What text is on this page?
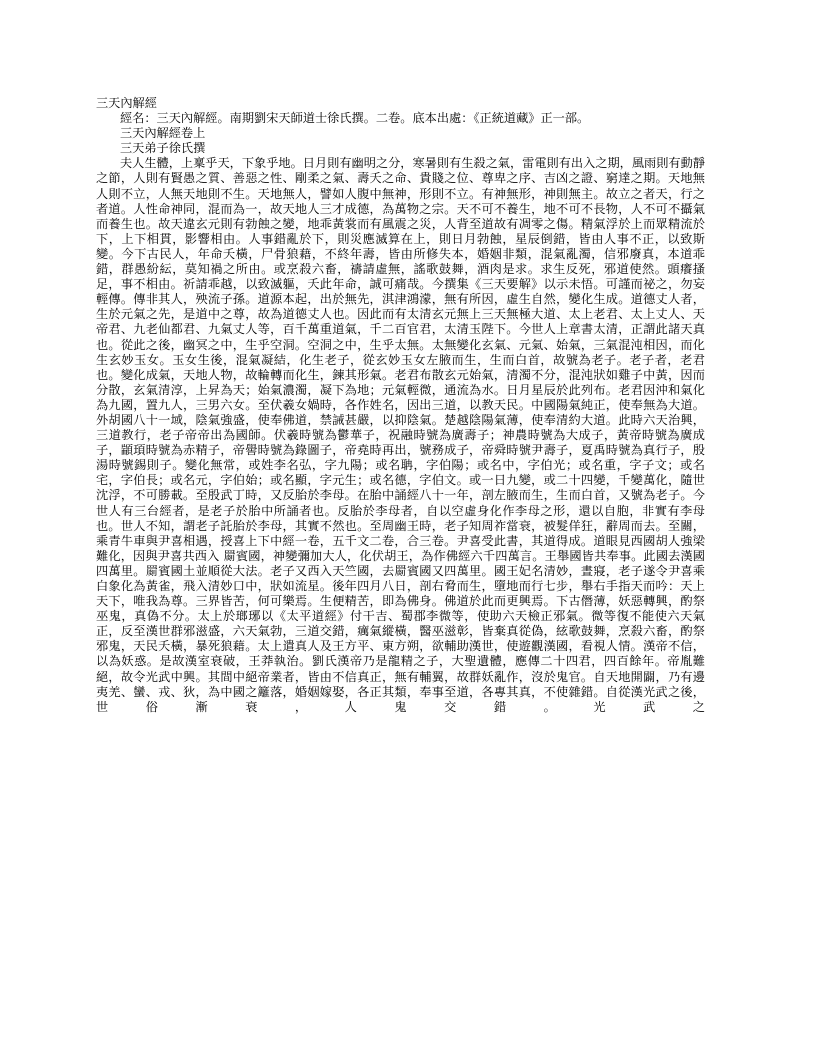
三天內解經

經名：三天內解經。南期劉宋天師道士徐氏撰。二卷。底本出處：《正統道藏》正一部。

三天內解經卷上

三天弟子徐氏撰

夫人生體，上稟乎天，下象乎地。日月則有幽明之分，寒暑則有生殺之氣，雷電則有出入之期，風雨則有動靜之節，人則有賢愚之質、善惡之性、剛柔之氣、壽夭之命、貴賤之位、尊卑之序、吉凶之證、窮達之期。天地無人則不立，人無天地則不生。天地無人，譬如人腹中無神，形則不立。有神無形，神則無主。故立之者天，行之者道。人性命神同，混而為一，故天地人三才成德，為萬物之宗。天不可不養生，地不可不長物，人不可不攝氣而養生也。故天違玄元則有勃蝕之變，地乖黃裳而有風震之災，人背至道故有凋零之傷。精氣浮於上而眾精流於下，上下相貫，影響相由。人事錯亂於下，則災應滅算在上，則日月勃蝕，星辰倒錯，皆由人事不正，以致斯變。今下古民人，年命夭橫，尸骨狼藉，不終年壽，皆由所修失本，婚姻非類，混氣亂濁，信邪廢真，本道乖錯，群愚紛紜，莫知禍之所由。或烹殺六畜，禱請虛無，謠歌鼓舞，酒肉是求。求生反死，邪道使然。頭癢搔足，事不相由。祈請乖越，以致滅軀，夭此年命，誠可痛哉。今撰集《三天要解》以示未悟。可謹而祕之，勿妄輕傳。傳非其人，殃流子孫。道源本起，出於無先，淇津鴻濛，無有所因，虛生自然，變化生成。道德丈人者，生於元氣之先，是道中之尊，故為道德丈人也。因此而有太清玄元無上三天無極大道、太上老君、太上丈人、天帝君、九老仙都君、九氣丈人等，百千萬重道氣，千二百官君，太清玉陛下。今世人上章書太清，正謂此諸天真也。從此之後，幽冥之中，生乎空洞。空洞之中，生乎太無。太無變化玄氣、元氣、始氣，三氣混沌相因，而化生玄妙玉女。玉女生後，混氣凝結，化生老子，從玄妙玉女左腋而生，生而白首，故號為老子。老子者，老君也。變化成氣，天地人物，故輪轉而化生，鍊其形氣。老君布散玄元始氣，清濁不分，混沌狀如雞子中黃，因而分散，玄氣清淳，上昇為天；始氣濃濁，凝下為地；元氣輕微，通流為水。日月星辰於此列布。老君因沖和氣化為九國，置九人，三男六女。至伏羲女媧時，各作姓名，因出三道，以教天民。中國陽氣純正，使奉無為大道。外胡國八十一域，陰氣強盛，使奉佛道，禁誡甚嚴，以抑陰氣。楚越陰陽氣薄，使奉清約大道。此時六天治興，三道教行，老子帝帝出為國師。伏羲時號為鬱華子，祝融時號為廣壽子；神農時號為大成子，黃帝時號為廣成子，顓頊時號為赤精子，帝嚳時號為錄圖子，帝堯時再出，號務成子，帝舜時號尹壽子，夏禹時號為真行子，殷湯時號錫則子。變化無常，或姓李名弘，字九陽；或名聃，字伯陽；或名中，字伯光；或名重，字子文；或名宅，字伯長；或名元，字伯始；或名顯，字元生；或名德，字伯文。或一日九變，或二十四變，千變萬化，隨世沈浮，不可勝載。至殷武丁時，又反胎於李母。在胎中誦經八十一年，剖左腋而生，生而白首，又號為老子。今世人有三台經者，是老子於胎中所誦者也。反胎於李母者，自以空虛身化作李母之形，還以自胞，非實有李母也。世人不知，謂老子託胎於李母，其實不然也。至周幽王時，老子知周祚當衰，被髮佯狂，辭周而去。至關，乘青牛車與尹喜相遇，授喜上下中經一卷，五千文二卷，合三卷。尹喜受此書，其道得成。道眼見西國胡人強梁難化，因與尹喜共西入 罽賓國，神變彌加大人，化伏胡王，為作佛經六千四萬言。王舉國皆共奉事。此國去漢國四萬里。罽賓國土並順從大法。老子又西入天竺國，去罽賓國又四萬里。國王妃名清妙，晝寢，老子遂令尹喜乘白象化為黃雀，飛入清妙口中，狀如流星。後年四月八日，剖右脅而生，墮地而行七步，舉右手指天而吟：天上天下，唯我為尊。三界皆苦，何可樂焉。生便精苦，即為佛身。佛道於此而更興焉。下古僭薄，妖惡轉興，酌祭巫鬼，真偽不分。太上於瑯琊以《太平道經》付干吉、蜀郡李微等，使助六天檢正邪氣。微等復不能使六天氣正，反至漢世群邪滋盛，六天氣勃，三道交錯，癘氣縱橫，醫巫滋彰，皆棄真從偽，絃歌鼓舞，烹殺六畜，酌祭邪鬼，天民夭橫，暴死狼藉。太上遣真人及王方平、東方朔，欲輔助漢世，使遊觀漢國，看視人情。漢帝不信，以為妖惑。是故漢室衰破，王莽執治。劉氏漢帝乃是龍精之子，大聖遺體，應傳二十四君，四百餘年。帝胤難絕，故令光武中興。其間中絕帝業者，皆由不信真正，無有輔翼，故群妖亂作，沒於鬼官。自天地開闢，乃有邊夷羌、蠻、戎、狄，為中國之籬落，婚姻嫁娶，各正其類，奉事至道，各專其真，不使雜錯。自從漢光武之後，世俗漸衰，人鬼交錯。光武之
